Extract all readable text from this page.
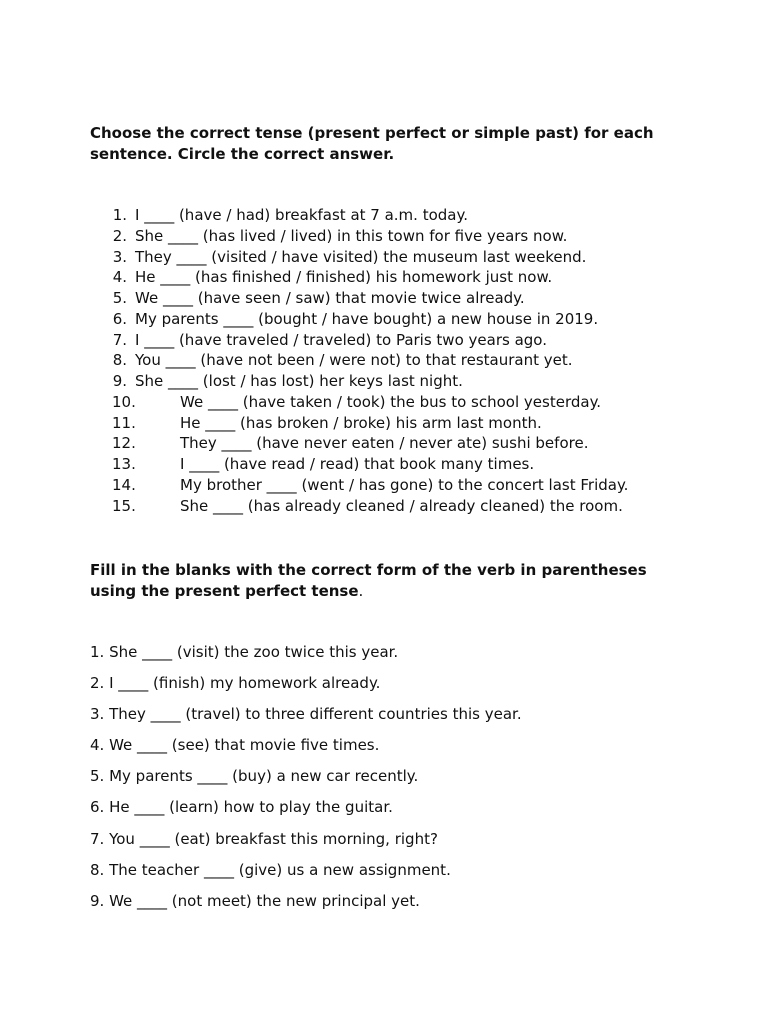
Choose the correct tense (present perfect or simple past) for each sentence. Circle the correct answer.

1. I ____ (have / had) breakfast at 7 a.m. today.
2. She ____ (has lived / lived) in this town for five years now.
3. They ____ (visited / have visited) the museum last weekend.
4. He ____ (has finished / finished) his homework just now.
5. We ____ (have seen / saw) that movie twice already.
6. My parents ____ (bought / have bought) a new house in 2019.
7. I ____ (have traveled / traveled) to Paris two years ago.
8. You ____ (have not been / were not) to that restaurant yet.
9. She ____ (lost / has lost) her keys last night.
10.	We ____ (have taken / took) the bus to school yesterday.
11.	He ____ (has broken / broke) his arm last month.
12.	They ____ (have never eaten / never ate) sushi before.
13.	I ____ (have read / read) that book many times.
14.	My brother ____ (went / has gone) to the concert last Friday.
15.	She ____ (has already cleaned / already cleaned) the room.

Fill in the blanks with the correct form of the verb in parentheses using the present perfect tense.

1. She ____ (visit) the zoo twice this year.
2. I ____ (finish) my homework already.
3. They ____ (travel) to three different countries this year.
4. We ____ (see) that movie five times.
5. My parents ____ (buy) a new car recently.
6. He ____ (learn) how to play the guitar.
7. You ____ (eat) breakfast this morning, right?
8. The teacher ____ (give) us a new assignment.
9. We ____ (not meet) the new principal yet.
